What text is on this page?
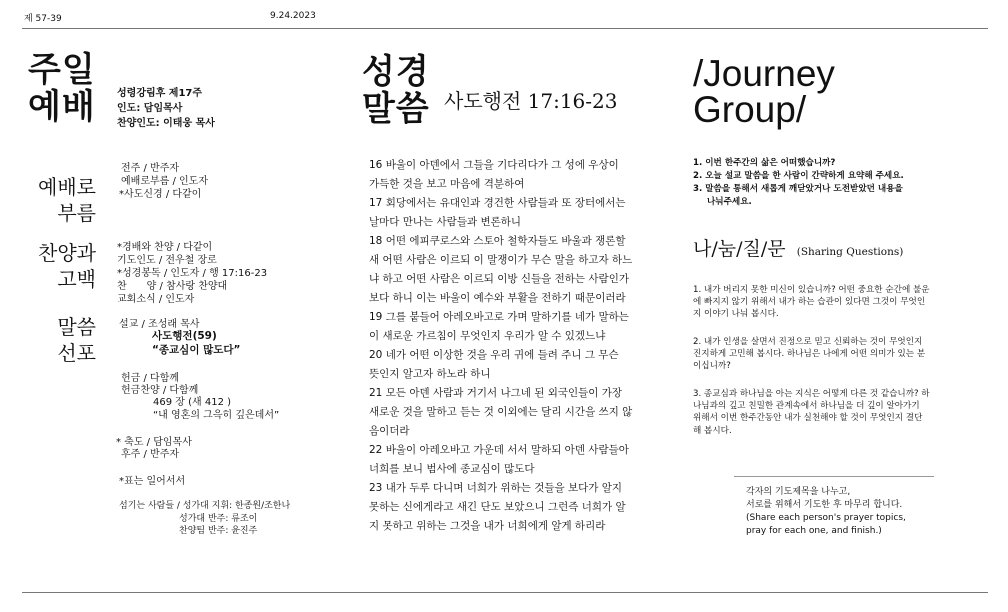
제 57-39	9.24.2023
주일
예배 성령강림후 제17주
인도: 담임목사
찬양인도: 이태웅 목사
예배로
부름
전주 / 반주자
예배로부름 / 인도자
*사도신경 / 다같이
찬양과
고백
*경배와 찬양 / 다같이
기도인도 / 전우철 장로
*성경봉독 / 인도자 / 행 17:16-23
찬　　양 / 참사랑 찬양대
교회소식 / 인도자
말씀
선포
설교 / 조성래 목사
사도행전(59)
“종교심이 많도다”
헌금 / 다함께
헌금찬양 / 다함께
469 장 (새 412 )
“내 영혼의 그윽히 깊은데서”
* 축도 / 담임목사
후주 / 반주자
*표는 일어서서
섬기는 사람들 / 성가대 지휘: 한종원/조한나
성가대 반주: 류조이
찬양팀 반주: 윤진주
성경
말씀 사도행전 17:16-23
16 바울이 아덴에서 그들을 기다리다가 그 성에 우상이
가득한 것을 보고 마음에 격분하여
17 회당에서는 유대인과 경건한 사람들과 또 장터에서는
날마다 만나는 사람들과 변론하니
18 어떤 에피쿠로스와 스토아 철학자들도 바울과 쟁론할
새 어떤 사람은 이르되 이 말쟁이가 무슨 말을 하고자 하느
냐 하고 어떤 사람은 이르되 이방 신들을 전하는 사람인가
보다 하니 이는 바울이 예수와 부활을 전하기 때문이러라
19 그를 붙들어 아레오바고로 가며 말하기를 네가 말하는
이 새로운 가르침이 무엇인지 우리가 알 수 있겠느냐
20 네가 어떤 이상한 것을 우리 귀에 들려 주니 그 무슨
뜻인지 알고자 하노라 하니
21 모든 아덴 사람과 거기서 나그네 된 외국인들이 가장
새로운 것을 말하고 듣는 것 이외에는 달리 시간을 쓰지 않
음이더라
22 바울이 아레오바고 가운데 서서 말하되 아덴 사람들아
너희를 보니 범사에 종교심이 많도다
23 내가 두루 다니며 너희가 위하는 것들을 보다가 알지
못하는 신에게라고 새긴 단도 보았으니 그런즉 너희가 알
지 못하고 위하는 그것을 내가 너희에게 알게 하리라
/Journey
Group/
1. 이번 한주간의 삶은 어떠했습니까?
2. 오늘 설교 말씀을 한 사람이 간략하게 요약해 주세요.
3. 말씀을 통해서 새롭게 깨닫았거나 도전받았던 내용을
나눠주세요.
나/눔/질/문 (Sharing Questions)
1. 내가 버리지 못한 미신이 있습니까? 어떤 중요한 순간에 불운
에 빠지지 않기 위해서 내가 하는 습관이 있다면 그것이 무엇인
지 이야기 나눠 봅시다.
2. 내가 인생을 살면서 진정으로 믿고 신뢰하는 것이 무엇인지
진지하게 고민해 봅시다. 하나님은 나에게 어떤 의미가 있는 분
이십니까?
3. 종교심과 하나님을 아는 지식은 어떻게 다른 것 같습니까? 하
나님과의 깊고 친밀한 관계속에서 하나님을 더 깊이 알아가기
위해서 이번 한주간동안 내가 실천해야 할 것이 무엇인지 결단
해 봅시다.
각자의 기도제목을 나누고,
서로를 위해서 기도한 후 마무리 합니다.
(Share each person's prayer topics,
pray for each one, and finish.)
